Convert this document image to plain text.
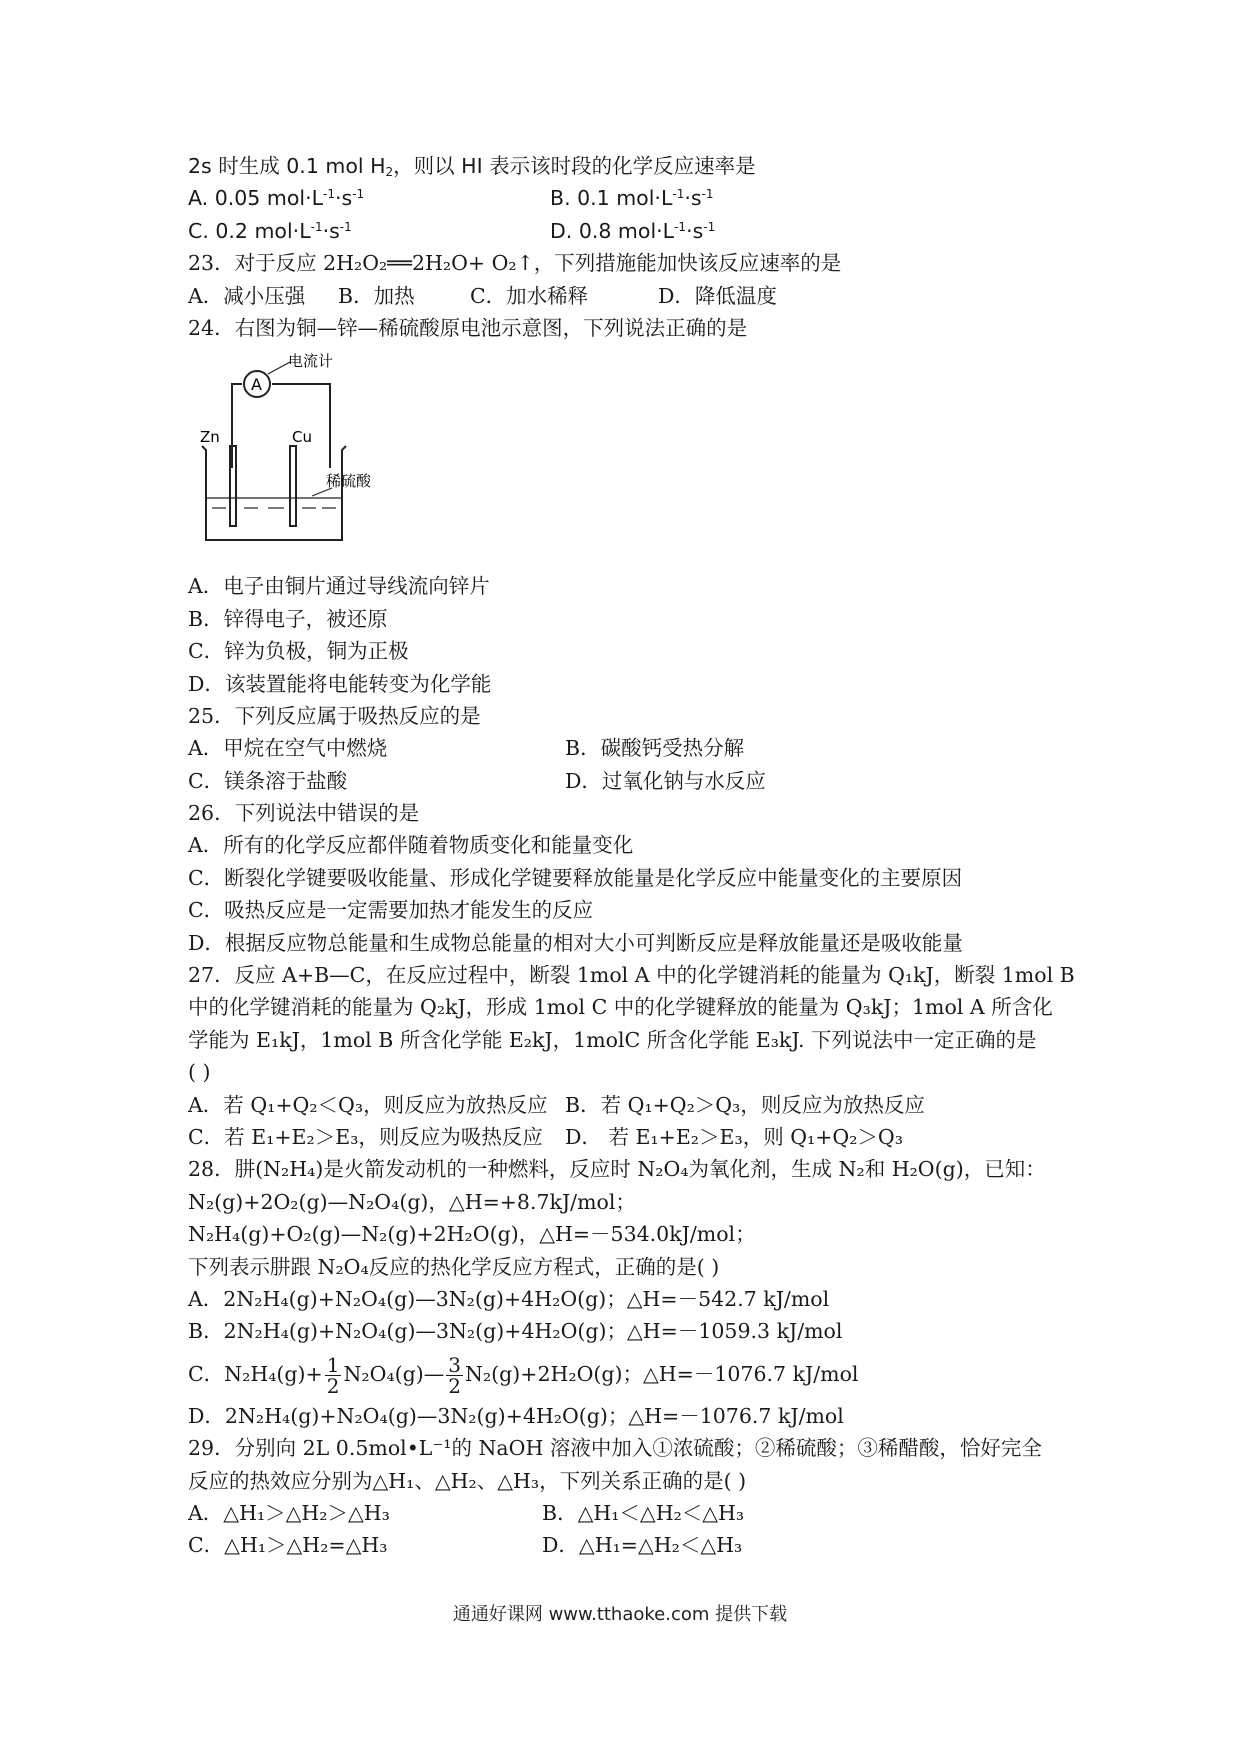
2s 时生成 0.1 mol $H_2$，则以 HI 表示该时段的化学反应速率是
A. 0.05 $mol\cdot L^{-1}\cdot s^{-1}$	B. 0.1 $mol\cdot L^{-1}\cdot s^{-1}$
C. 0.2 $mol\cdot L^{-1}\cdot s^{-1}$	D. 0.8 $mol\cdot L^{-1}\cdot s^{-1}$
23．对于反应 2H₂O₂══2H₂O+ O₂↑，下列措施能加快该反应速率的是
A．减小压强	B．加热	C．加水稀释	D．降低温度
24．右图为铜—锌—稀硫酸原电池示意图，下列说法正确的是
A
电流计
Zn	Cu
稀硫酸
A．电子由铜片通过导线流向锌片
B．锌得电子，被还原
C．锌为负极，铜为正极
D．该装置能将电能转变为化学能
25．下列反应属于吸热反应的是
A．甲烷在空气中燃烧	B．碳酸钙受热分解
C．镁条溶于盐酸	D．过氧化钠与水反应
26．下列说法中错误的是
A．所有的化学反应都伴随着物质变化和能量变化
C．断裂化学键要吸收能量、形成化学键要释放能量是化学反应中能量变化的主要原因
C．吸热反应是一定需要加热才能发生的反应
D．根据反应物总能量和生成物总能量的相对大小可判断反应是释放能量还是吸收能量
27．反应 A+B—C，在反应过程中，断裂 1mol A 中的化学键消耗的能量为 Q₁kJ，断裂 1mol B
中的化学键消耗的能量为 Q₂kJ，形成 1mol C 中的化学键释放的能量为 Q₃kJ；1mol A 所含化
学能为 E₁kJ，1mol B 所含化学能 E₂kJ，1molC 所含化学能 E₃kJ. 下列说法中一定正确的是
( )
A．若 Q₁+Q₂＜Q₃，则反应为放热反应 B．若 Q₁+Q₂＞Q₃，则反应为放热反应
C．若 E₁+E₂＞E₃，则反应为吸热反应	D． 若 E₁+E₂＞E₃，则 Q₁+Q₂＞Q₃
28．肼(N₂H₄)是火箭发动机的一种燃料，反应时 N₂O₄为氧化剂，生成 N₂和 H₂O(g)，已知：
N₂(g)+2O₂(g)—N₂O₄(g)，△H=+8.7kJ/mol；
N₂H₄(g)+O₂(g)—N₂(g)+2H₂O(g)，△H=－534.0kJ/mol；
下列表示肼跟 N₂O₄反应的热化学反应方程式，正确的是( )
A．2N₂H₄(g)+N₂O₄(g)—3N₂(g)+4H₂O(g)；△H=－542.7 kJ/mol
B．2N₂H₄(g)+N₂O₄(g)—3N₂(g)+4H₂O(g)；△H=－1059.3 kJ/mol
C．$N_2H_4(g)+ \frac{1}{2}$ N₂O₄(g)— $\frac{3}{2} N_2(g)+2H_2O(g)$；△H=－1076.7 kJ/mol
D．2N₂H₄(g)+N₂O₄(g)—3N₂(g)+4H₂O(g)；△H=－1076.7 kJ/mol
29．分别向 2L 0.5mol•L⁻¹的 NaOH 溶液中加入①浓硫酸；②稀硫酸；③稀醋酸，恰好完全
反应的热效应分别为△H₁、△H₂、△H₃，下列关系正确的是( )
A．△H₁＞△H₂＞△H₃	B．△H₁＜△H₂＜△H₃
C．△H₁＞△H₂=△H₃	D．△H₁=△H₂＜△H₃
通通好课网 www.tthaoke.com 提供下载
